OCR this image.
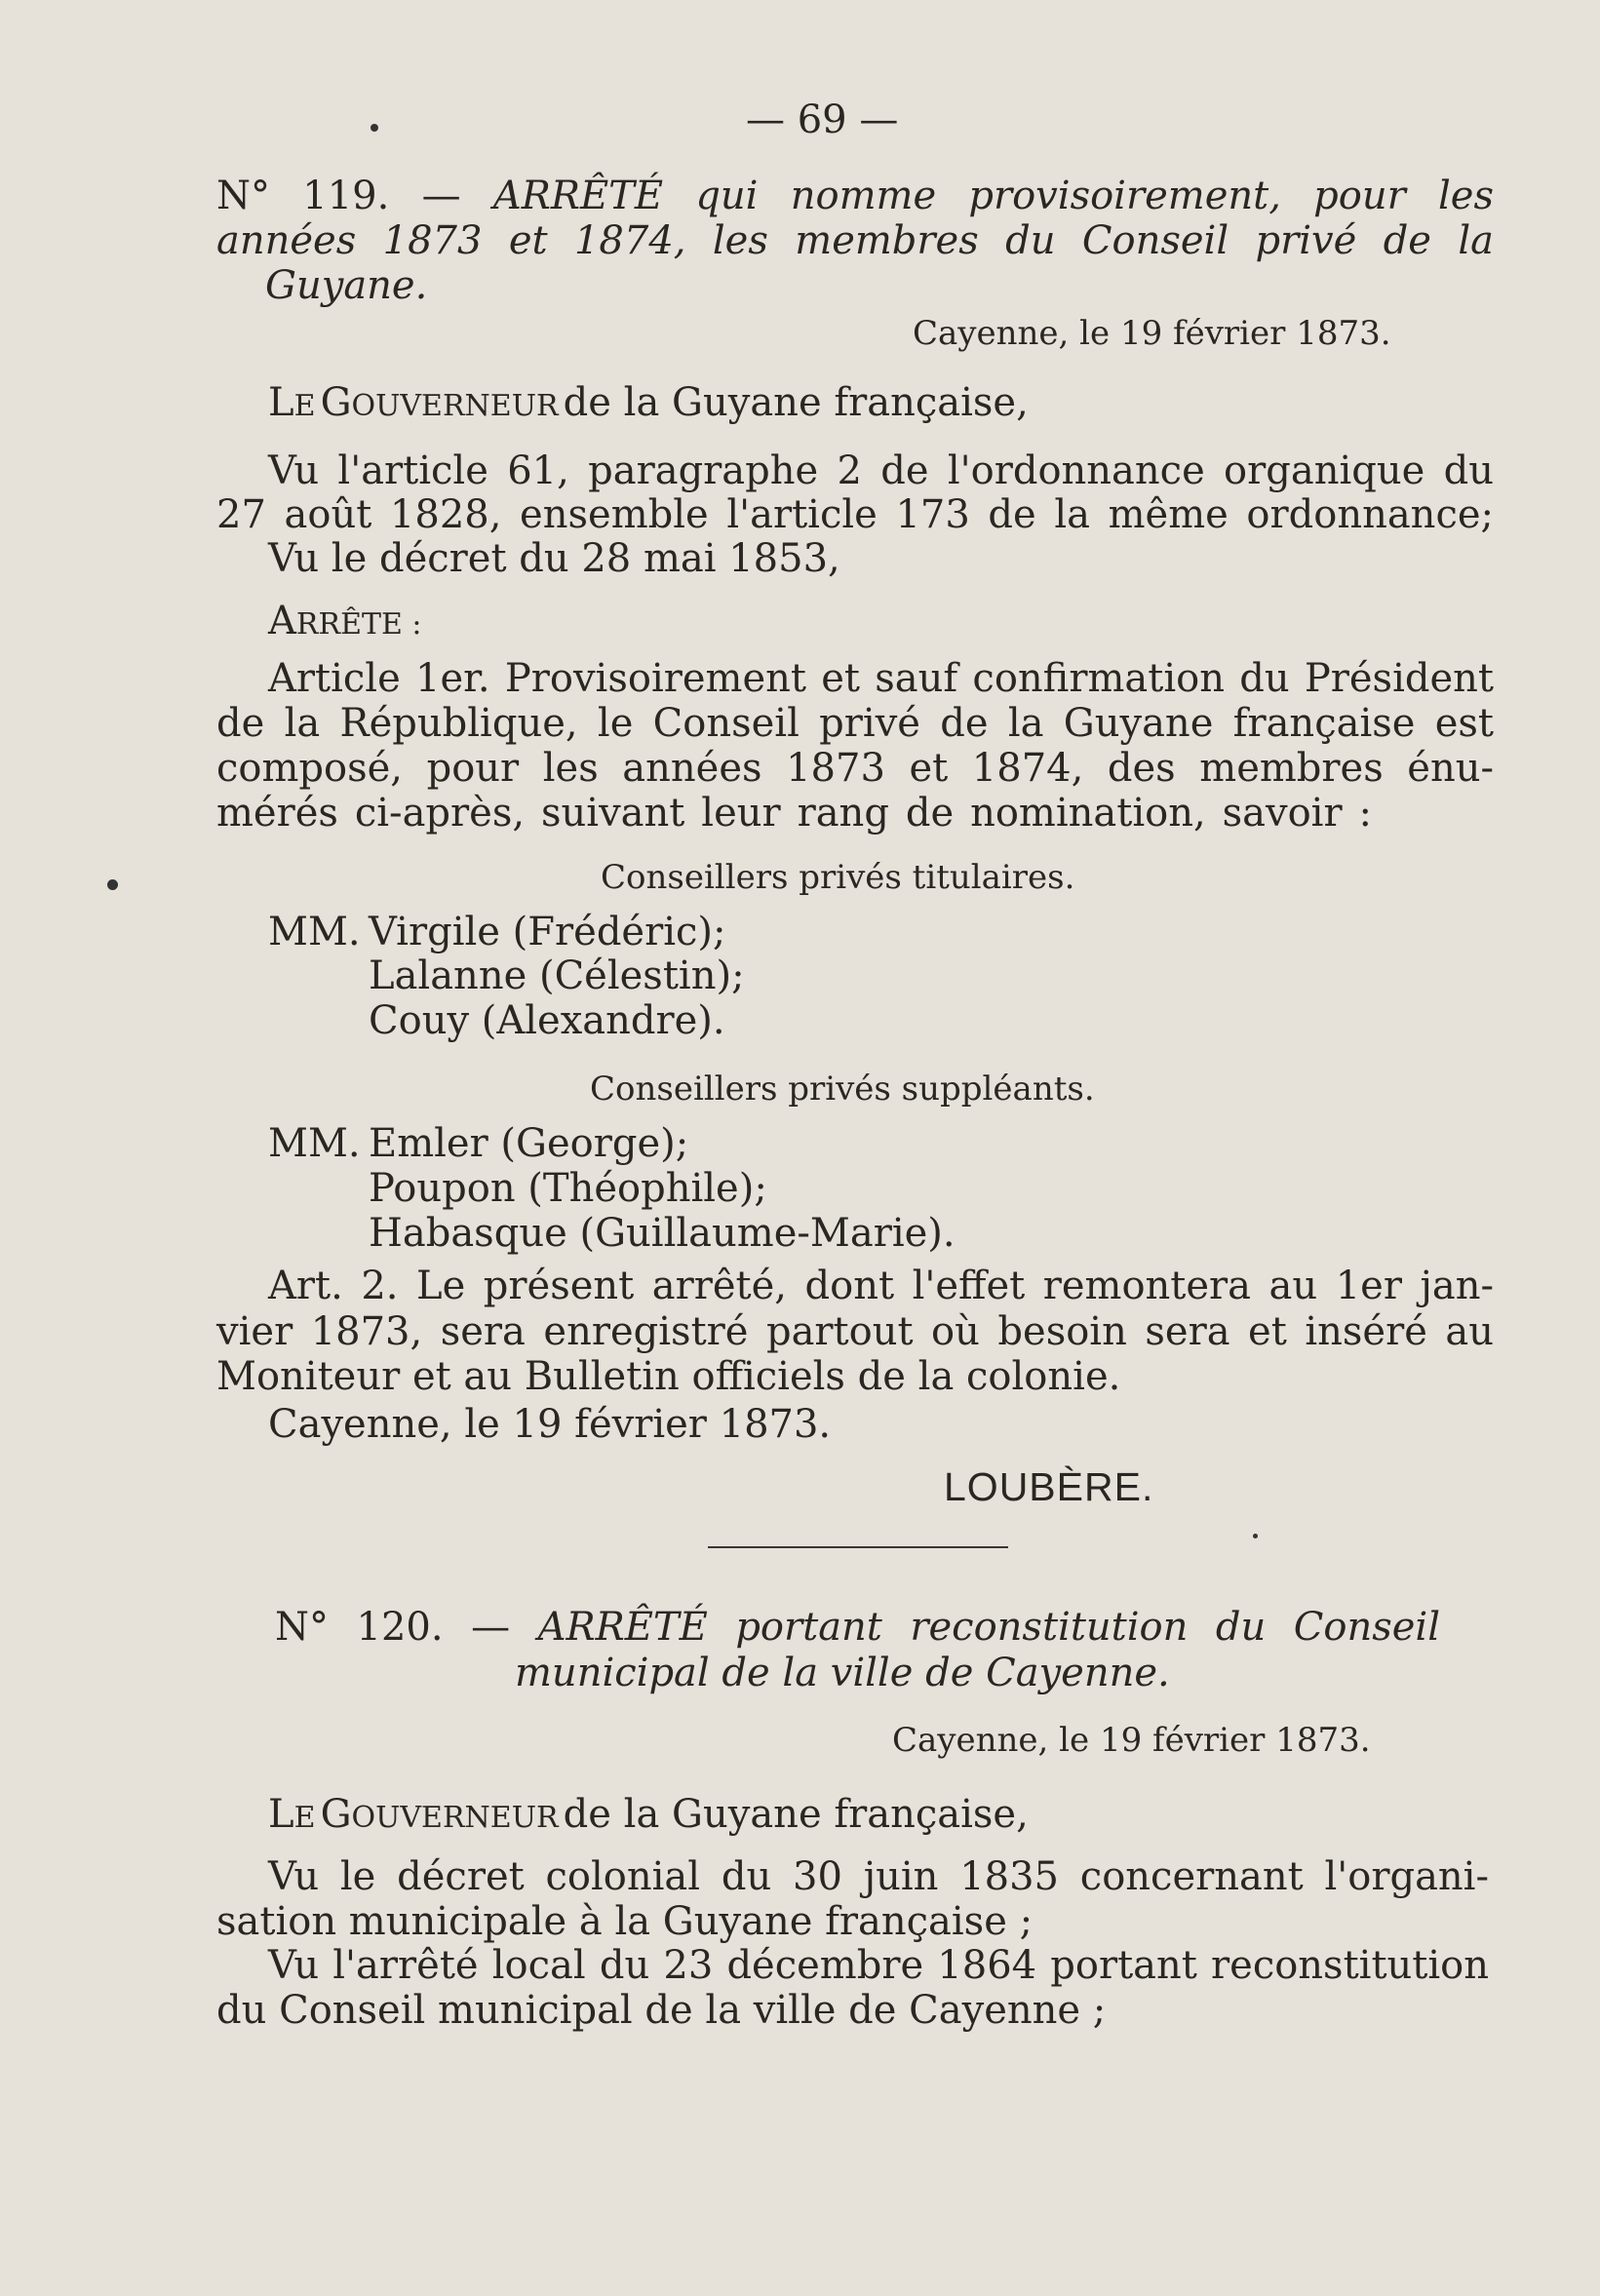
— 69 —
N° 119. — ARRÊTÉ qui nomme provisoirement, pour les
années 1873 et 1874, les membres du Conseil privé de la
Guyane.
Cayenne, le 19 février 1873.
LE GOUVERNEUR de la Guyane française,
Vu l'article 61, paragraphe 2 de l'ordonnance organique du
27 août 1828, ensemble l'article 173 de la même ordonnance;
Vu le décret du 28 mai 1853,
ARRÊTE :
Article 1er. Provisoirement et sauf confirmation du Président
de la République, le Conseil privé de la Guyane française est
composé, pour les années 1873 et 1874, des membres énu-
mérés ci-après, suivant leur rang de nomination, savoir :
Conseillers privés titulaires.
MM. Virgile (Frédéric);
Lalanne (Célestin);
Couy (Alexandre).
Conseillers privés suppléants.
MM. Emler (George);
Poupon (Théophile);
Habasque (Guillaume-Marie).
Art. 2. Le présent arrêté, dont l'effet remontera au 1er jan-
vier 1873, sera enregistré partout où besoin sera et inséré au
Moniteur et au Bulletin officiels de la colonie.
Cayenne, le 19 février 1873.
LOUBÈRE.
N° 120. — ARRÊTÉ portant reconstitution du Conseil
municipal de la ville de Cayenne.
Cayenne, le 19 février 1873.
LE GOUVERNEUR de la Guyane française,
Vu le décret colonial du 30 juin 1835 concernant l'organi-
sation municipale à la Guyane française ;
Vu l'arrêté local du 23 décembre 1864 portant reconstitution
du Conseil municipal de la ville de Cayenne ;
